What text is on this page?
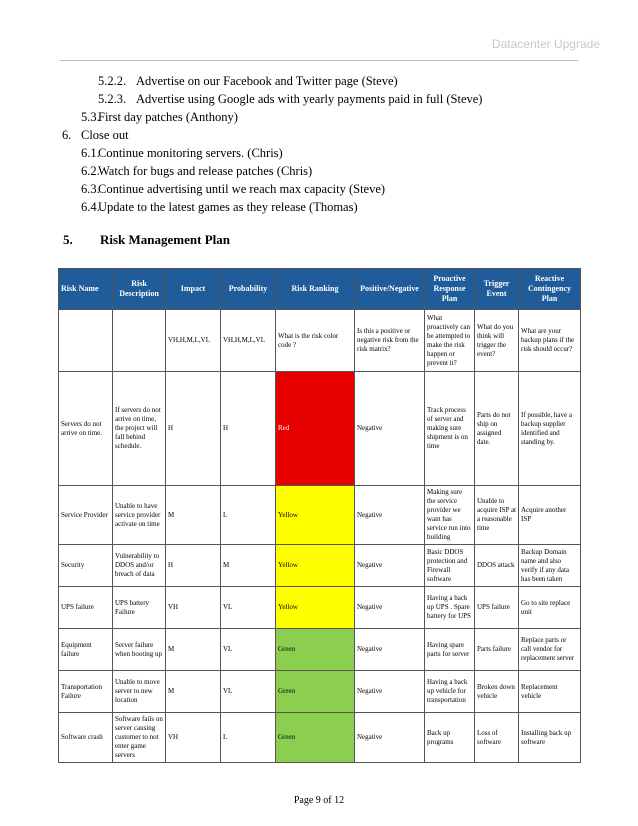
Datacenter Upgrade
5.2.2. Advertise on our Facebook and Twitter page (Steve)
5.2.3. Advertise using Google ads with yearly payments paid in full (Steve)
5.3.First day patches (Anthony)
6. Close out
6.1.Continue monitoring servers. (Chris)
6.2.Watch for bugs and release patches (Chris)
6.3.Continue advertising until we reach max capacity (Steve)
6.4.Update to the latest games as they release (Thomas)
5. Risk Management Plan
Risk Name	Risk Description	Impact	Probability	Risk Ranking	Positive/Negative	Proactive Response Plan	Trigger Event	Reactive Contingency Plan
		VH,H,M,L,VL	VH,H,M,L,VL	What is the risk color code ?	Is this a positive or negative risk from the risk matrix?	What proactively can be attempted to make the risk happen or prevent it?	What do you think will trigger the event?	What are your backup plans if the risk should occur?
Servers do not arrive on time.	If servers do not arrive on time, the project will fall behind schedule.	H	H	Red	Negative	Track process of server and making sure shipment is on time	Parts do not ship on assigned date.	If possible, have a backup supplier identified and standing by.
Service Provider	Unable to have service provider activate on time	M	L	Yellow	Negative	Making sure the service provider we want has service run into building	Unable to acquire ISP at a reasonable time	Acquire another ISP
Security	Vulnerability to DDOS and/or breach of data	H	M	Yellow	Negative	Basic DDOS protection and Firewall software	DDOS attack	Backup Domain name and also verify if any data has been taken
UPS failure	UPS battery Failure	VH	VL	Yellow	Negative	Having a back up UPS . Spare battery for UPS	UPS failure	Go to site replace unit
Equipment failure	Server failure when booting up	M	VL	Green	Negative	Having spare parts for server	Parts failure	Replace parts or call vendor for replacement server
Transportation Failure	Unable to move server to new location	M	VL	Green	Negative	Having a back up vehicle for transportation	Broken down vehicle	Replacement vehicle
Software crash	Software fails on server causing customer to not enter game servers	VH	L	Green	Negative	Back up programs	Loss of software	Installing back up software
Page 9 of 12
